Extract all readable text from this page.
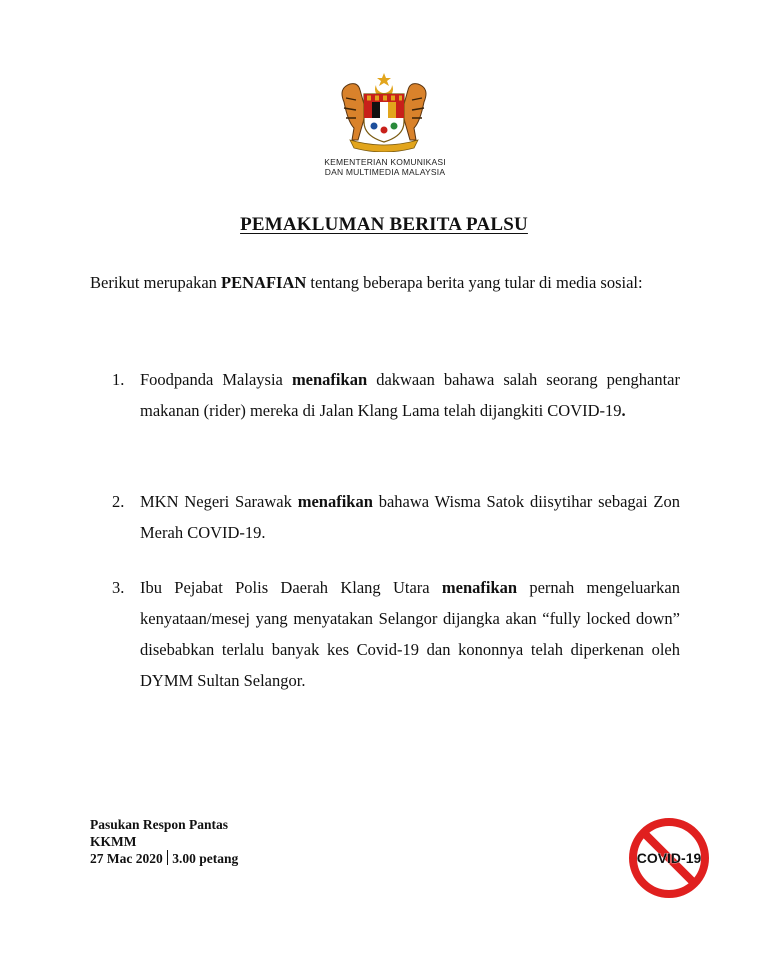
KEMENTERIAN KOMUNIKASI
DAN MULTIMEDIA MALAYSIA
PEMAKLUMAN BERITA PALSU
Berikut merupakan PENAFIAN tentang beberapa berita yang tular di media sosial:
1. Foodpanda Malaysia menafikan dakwaan bahawa salah seorang penghantar makanan (rider) mereka di Jalan Klang Lama telah dijangkiti COVID-19.
2. MKN Negeri Sarawak menafikan bahawa Wisma Satok diisytihar sebagai Zon Merah COVID-19.
3. Ibu Pejabat Polis Daerah Klang Utara menafikan pernah mengeluarkan kenyataan/mesej yang menyatakan Selangor dijangka akan “fully locked down” disebabkan terlalu banyak kes Covid-19 dan kononnya telah diperkenan oleh DYMM Sultan Selangor.
Pasukan Respon Pantas
KKMM
27 Mac 2020 3.00 petang	COVID-19
